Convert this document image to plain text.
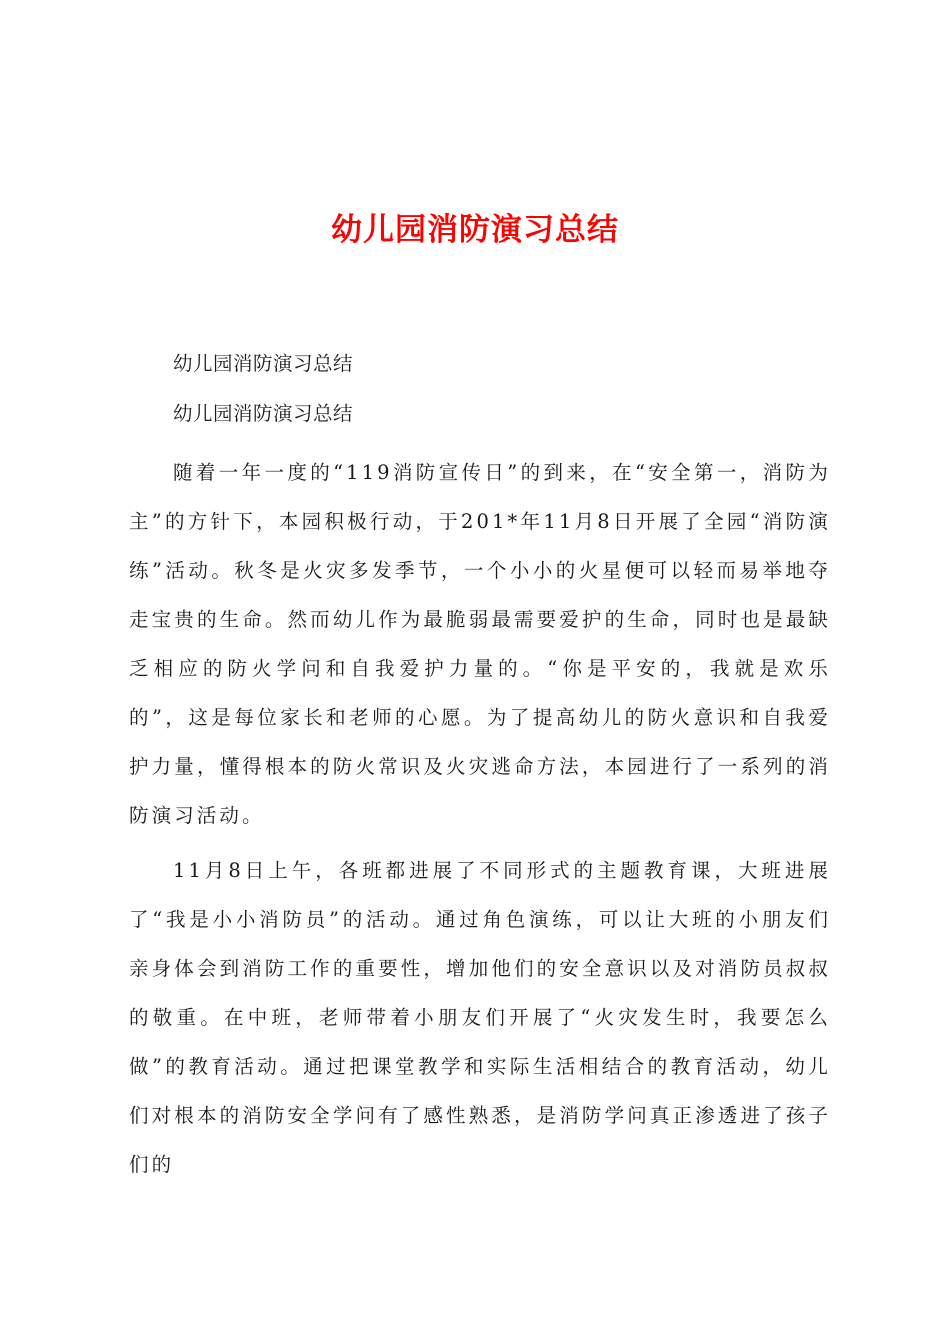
幼儿园消防演习总结

幼儿园消防演习总结

幼儿园消防演习总结

随着一年一度的“119消防宣传日”的到来，在“安全第一，消防为主”的方针下，本园积极行动，于201*年11月8日开展了全园“消防演练”活动。秋冬是火灾多发季节，一个小小的火星便可以轻而易举地夺走宝贵的生命。然而幼儿作为最脆弱最需要爱护的生命，同时也是最缺乏相应的防火学问和自我爱护力量的。“你是平安的，我就是欢乐的”，这是每位家长和老师的心愿。为了提高幼儿的防火意识和自我爱护力量，懂得根本的防火常识及火灾逃命方法，本园进行了一系列的消防演习活动。

11月8日上午，各班都进展了不同形式的主题教育课，大班进展了“我是小小消防员”的活动。通过角色演练，可以让大班的小朋友们亲身体会到消防工作的重要性，增加他们的安全意识以及对消防员叔叔的敬重。在中班，老师带着小朋友们开展了“火灾发生时，我要怎么做”的教育活动。通过把课堂教学和实际生活相结合的教育活动，幼儿们对根本的消防安全学问有了感性熟悉，是消防学问真正渗透进了孩子们的
